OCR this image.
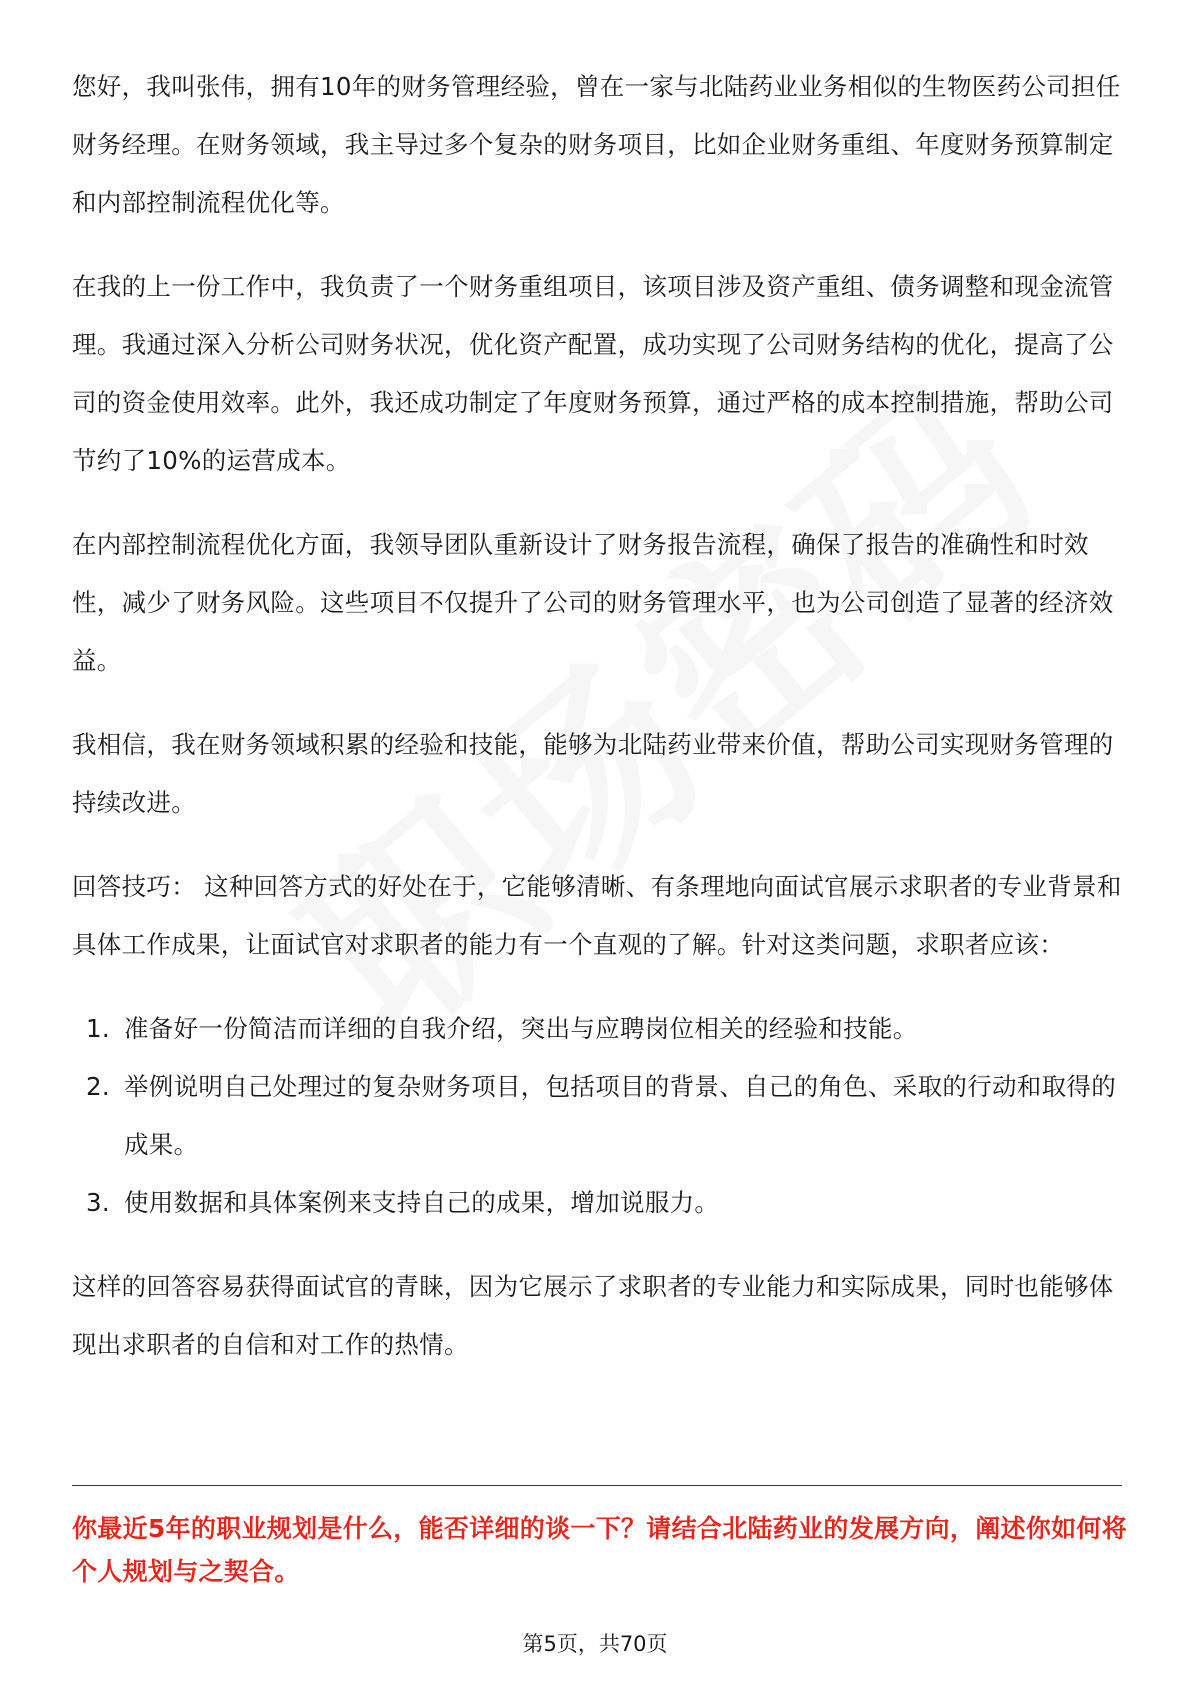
您好，我叫张伟，拥有10年的财务管理经验，曾在一家与北陆药业业务相似的生物医药公司担任财务经理。在财务领域，我主导过多个复杂的财务项目，比如企业财务重组、年度财务预算制定和内部控制流程优化等。

在我的上一份工作中，我负责了一个财务重组项目，该项目涉及资产重组、债务调整和现金流管理。我通过深入分析公司财务状况，优化资产配置，成功实现了公司财务结构的优化，提高了公司的资金使用效率。此外，我还成功制定了年度财务预算，通过严格的成本控制措施，帮助公司节约了10%的运营成本。

在内部控制流程优化方面，我领导团队重新设计了财务报告流程，确保了报告的准确性和时效性，减少了财务风险。这些项目不仅提升了公司的财务管理水平，也为公司创造了显著的经济效益。

我相信，我在财务领域积累的经验和技能，能够为北陆药业带来价值，帮助公司实现财务管理的持续改进。

回答技巧： 这种回答方式的好处在于，它能够清晰、有条理地向面试官展示求职者的专业背景和具体工作成果，让面试官对求职者的能力有一个直观的了解。针对这类问题，求职者应该：

1. 准备好一份简洁而详细的自我介绍，突出与应聘岗位相关的经验和技能。
2. 举例说明自己处理过的复杂财务项目，包括项目的背景、自己的角色、采取的行动和取得的成果。
3. 使用数据和具体案例来支持自己的成果，增加说服力。

这样的回答容易获得面试官的青睐，因为它展示了求职者的专业能力和实际成果，同时也能够体现出求职者的自信和对工作的热情。

你最近5年的职业规划是什么，能否详细的谈一下？请结合北陆药业的发展方向，阐述你如何将个人规划与之契合。
第5页，共70页
